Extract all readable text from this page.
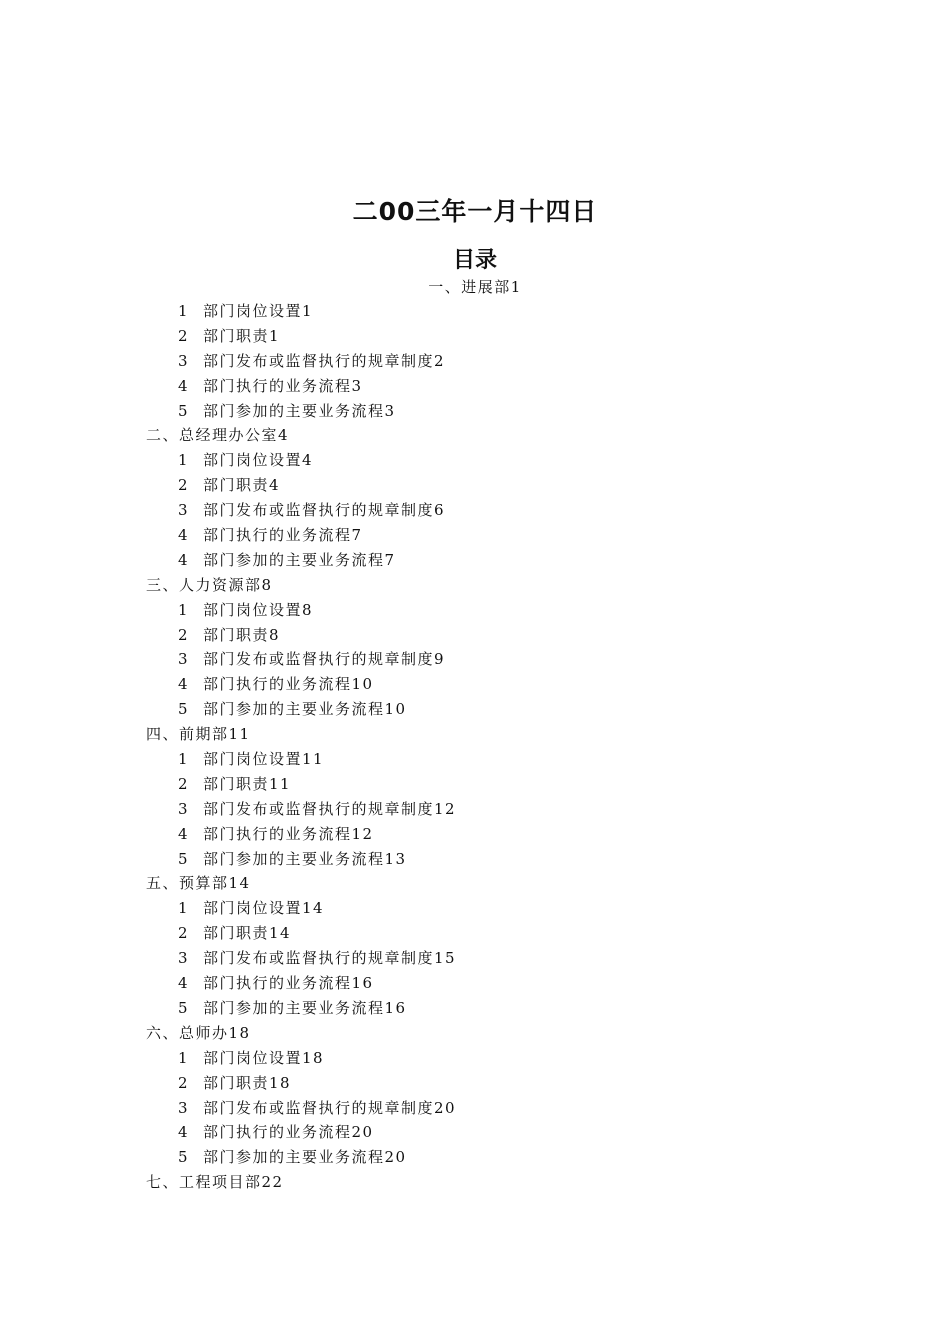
二00三年一月十四日
目录
一、进展部1
1 部门岗位设置1
2 部门职责1
3 部门发布或监督执行的规章制度2
4 部门执行的业务流程3
5 部门参加的主要业务流程3
二、总经理办公室4
1 部门岗位设置4
2 部门职责4
3 部门发布或监督执行的规章制度6
4 部门执行的业务流程7
4 部门参加的主要业务流程7
三、人力资源部8
1 部门岗位设置8
2 部门职责8
3 部门发布或监督执行的规章制度9
4 部门执行的业务流程10
5 部门参加的主要业务流程10
四、前期部11
1 部门岗位设置11
2 部门职责11
3 部门发布或监督执行的规章制度12
4 部门执行的业务流程12
5 部门参加的主要业务流程13
五、预算部14
1 部门岗位设置14
2 部门职责14
3 部门发布或监督执行的规章制度15
4 部门执行的业务流程16
5 部门参加的主要业务流程16
六、总师办18
1 部门岗位设置18
2 部门职责18
3 部门发布或监督执行的规章制度20
4 部门执行的业务流程20
5 部门参加的主要业务流程20
七、工程项目部22
